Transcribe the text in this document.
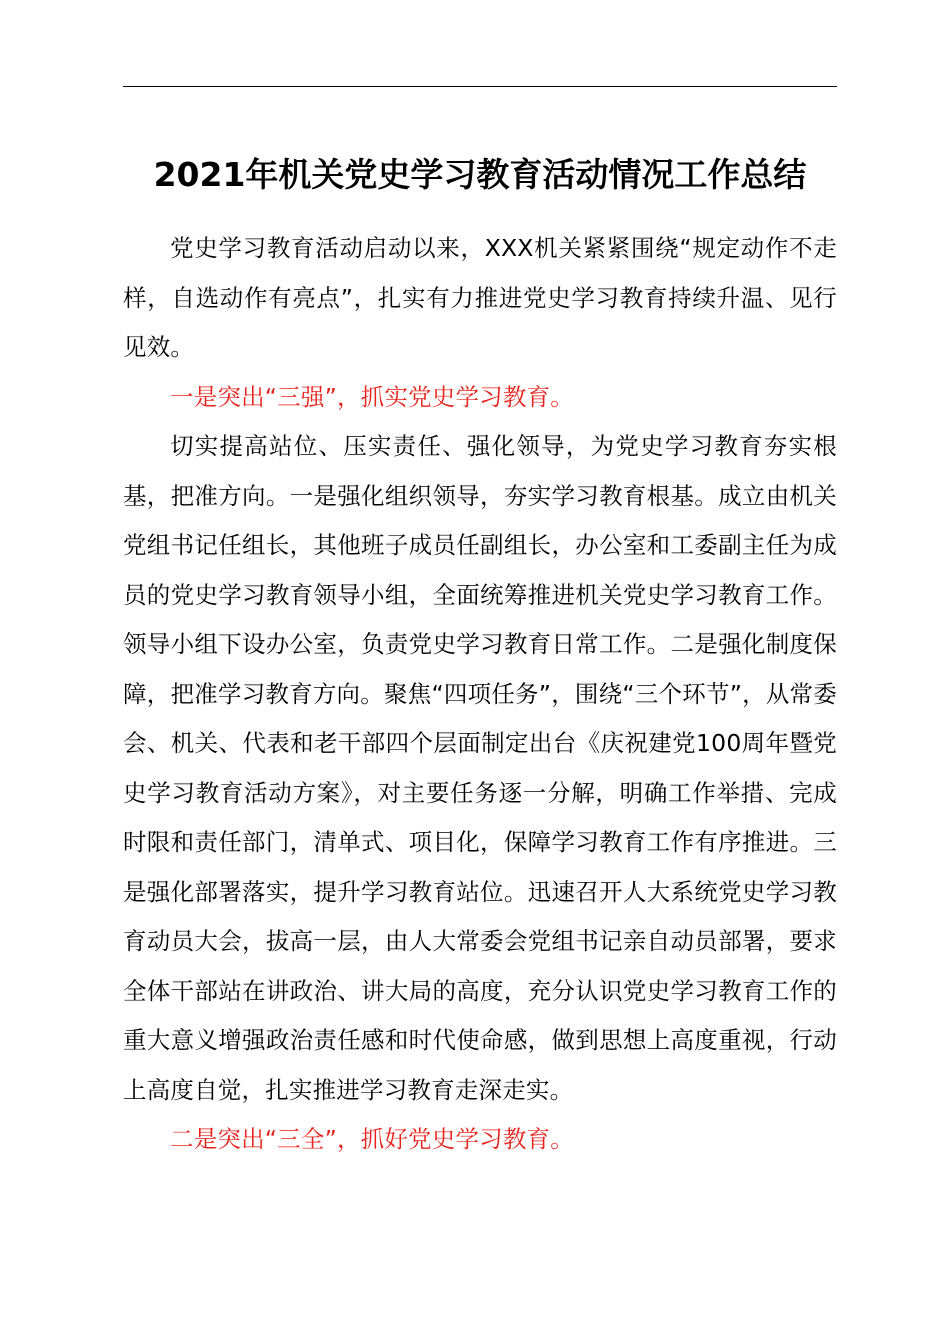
2021年机关党史学习教育活动情况工作总结

党史学习教育活动启动以来，XXX机关紧紧围绕“规定动作不走样，自选动作有亮点”，扎实有力推进党史学习教育持续升温、见行见效。

一是突出“三强”，抓实党史学习教育。

切实提高站位、压实责任、强化领导，为党史学习教育夯实根基，把准方向。一是强化组织领导，夯实学习教育根基。成立由机关党组书记任组长，其他班子成员任副组长，办公室和工委副主任为成员的党史学习教育领导小组，全面统筹推进机关党史学习教育工作。领导小组下设办公室，负责党史学习教育日常工作。二是强化制度保障，把准学习教育方向。聚焦“四项任务”，围绕“三个环节”，从常委会、机关、代表和老干部四个层面制定出台《庆祝建党100周年暨党史学习教育活动方案》，对主要任务逐一分解，明确工作举措、完成时限和责任部门，清单式、项目化，保障学习教育工作有序推进。三是强化部署落实，提升学习教育站位。迅速召开人大系统党史学习教育动员大会，拔高一层，由人大常委会党组书记亲自动员部署，要求全体干部站在讲政治、讲大局的高度，充分认识党史学习教育工作的重大意义增强政治责任感和时代使命感，做到思想上高度重视，行动上高度自觉，扎实推进学习教育走深走实。

二是突出“三全”，抓好党史学习教育。
